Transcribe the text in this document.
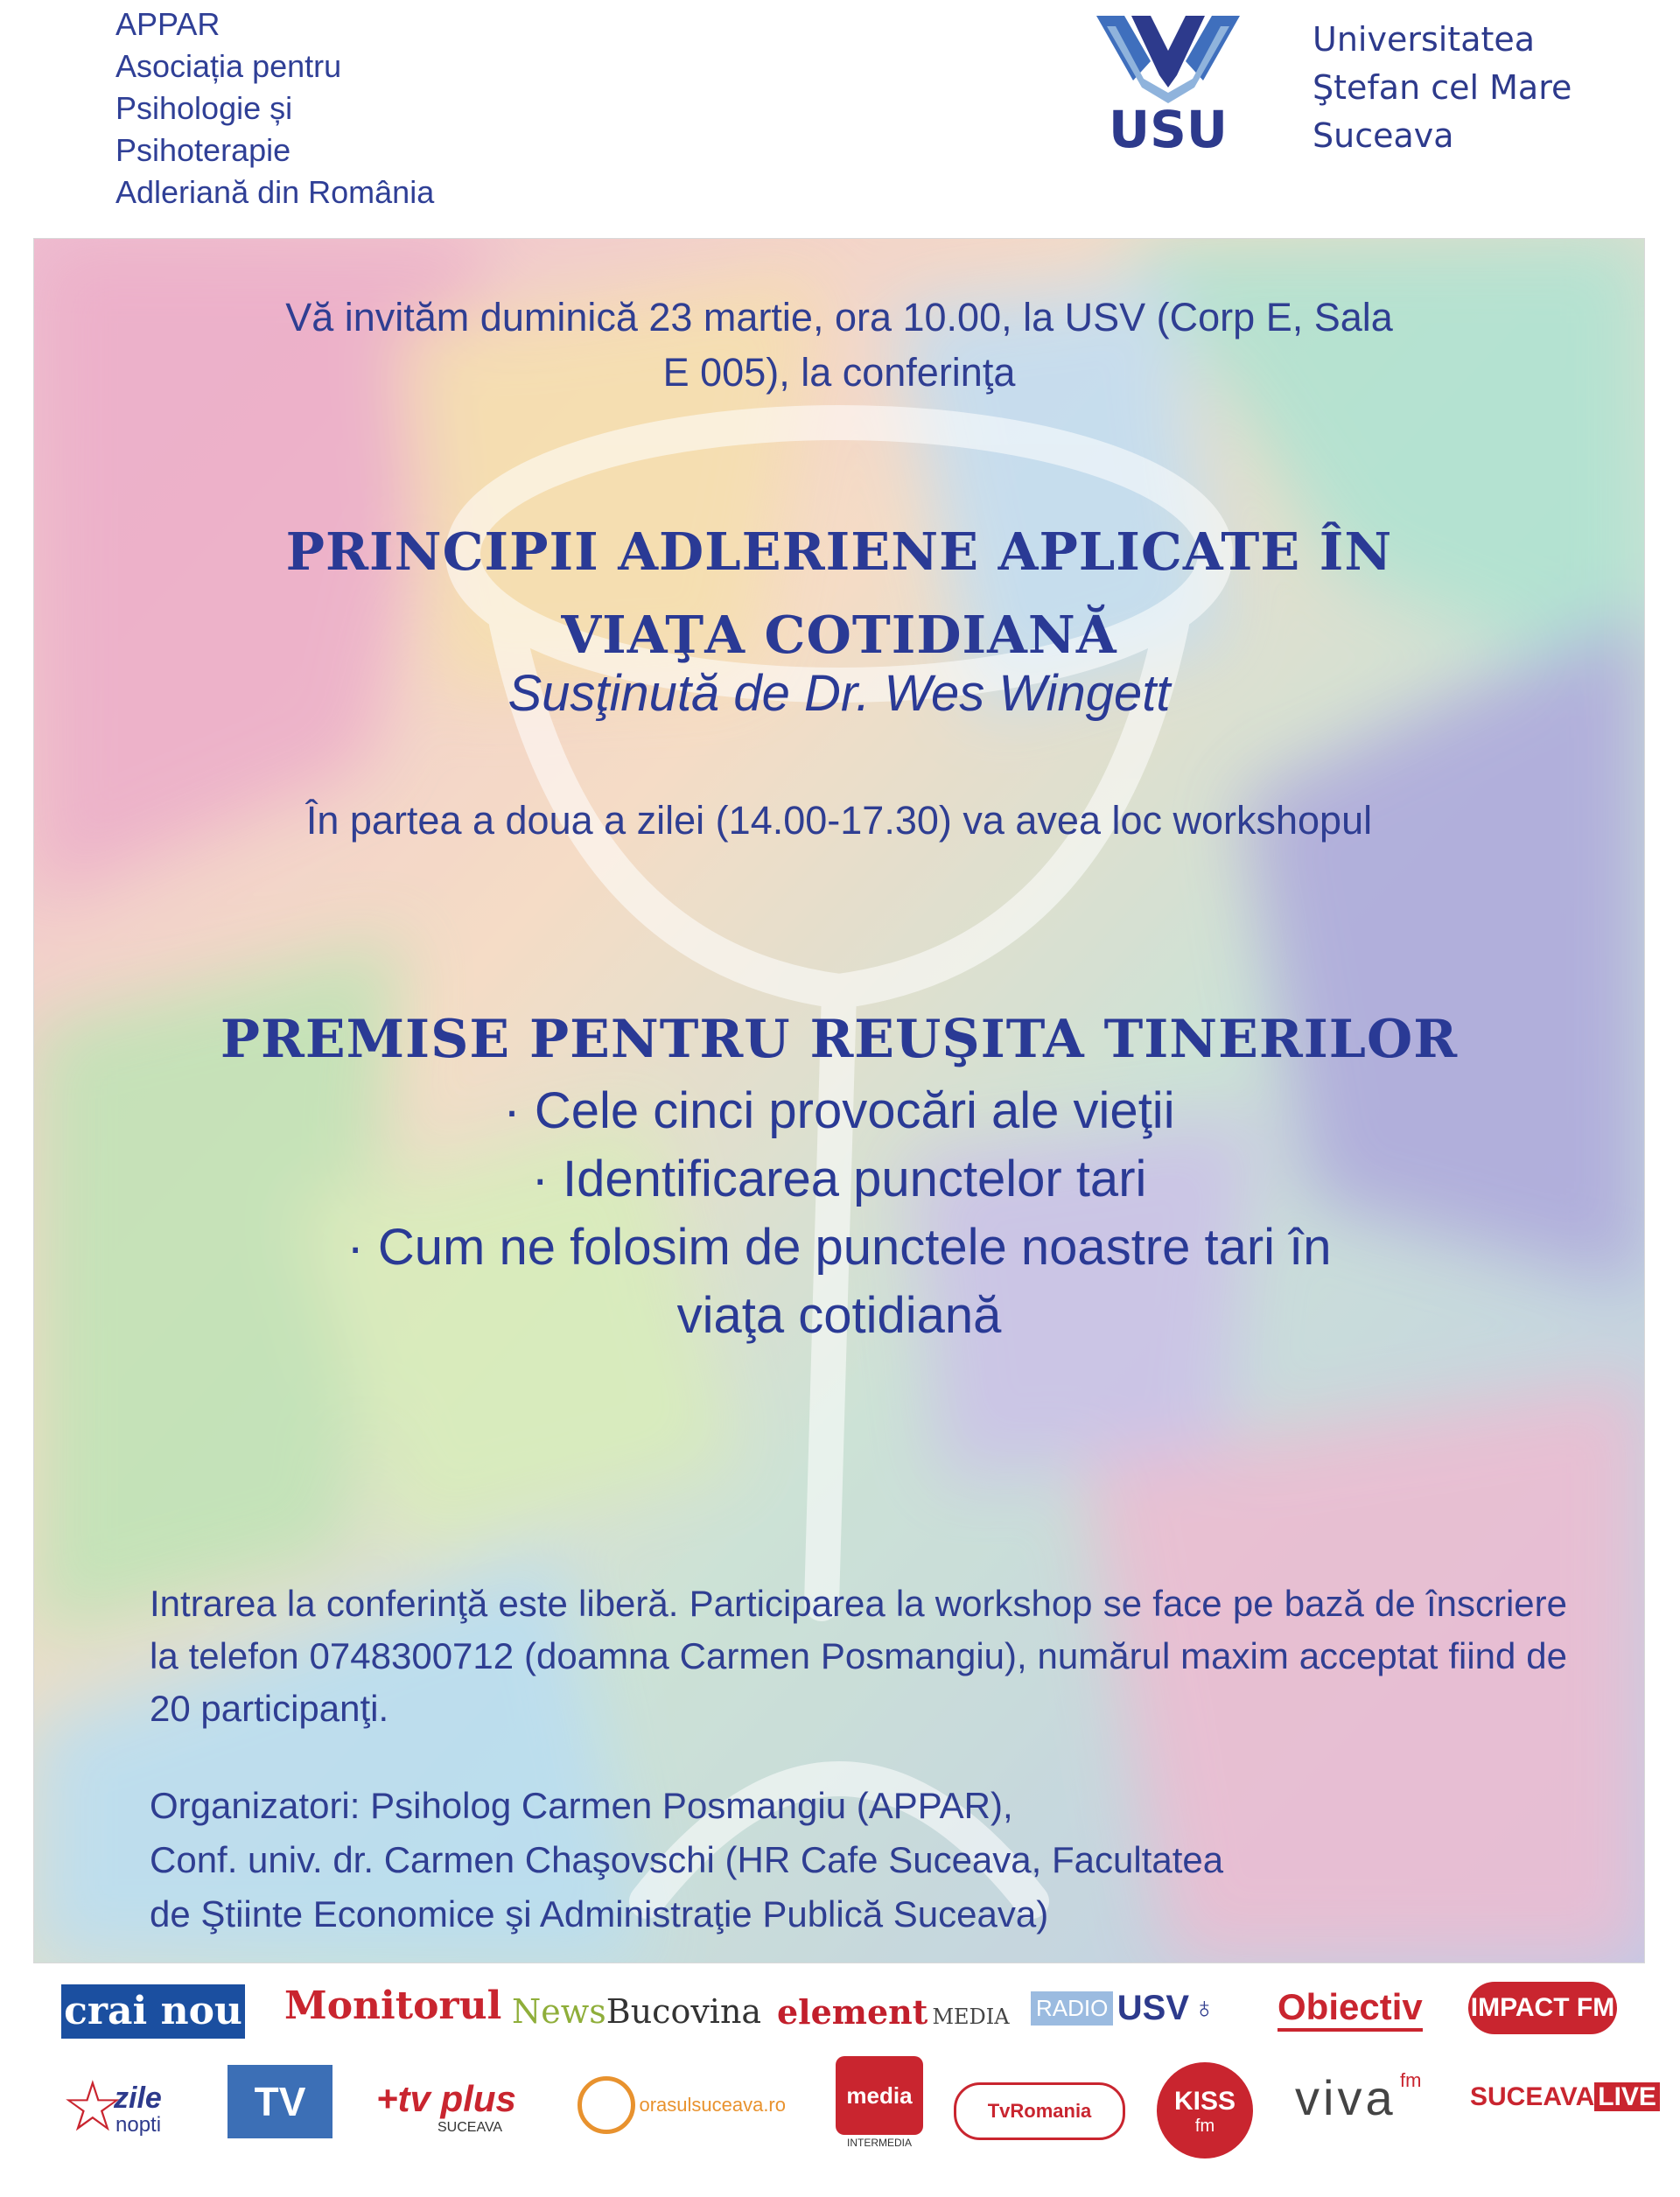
APPAR
Asociația pentru
Psihologie și
Psihoterapie
Adleriană din România
USU
Universitatea
Ştefan cel Mare
Suceava
Vă invităm duminică 23 martie, ora 10.00, la USV (Corp E, Sala
E 005), la conferinţa
PRINCIPII ADLERIENE APLICATE ÎN
VIAŢA COTIDIANĂ
Susţinută de Dr. Wes Wingett
În partea a doua a zilei (14.00-17.30) va avea loc workshopul
PREMISE PENTRU REUŞITA TINERILOR
· Cele cinci provocări ale vieţii
· Identificarea punctelor tari
· Cum ne folosim de punctele noastre tari în
viaţa cotidiană
Intrarea la conferinţă este liberă. Participarea la workshop se face pe bază de înscriere la telefon 0748300712 (doamna Carmen Posmangiu), numărul maxim acceptat fiind de 20 participanţi.
Organizatori: Psiholog Carmen Posmangiu (APPAR),
Conf. univ. dr. Carmen Chaşovschi (HR Cafe Suceava, Facultatea
de Ştiinte Economice şi Administraţie Publică Suceava)
crai nou Monitorul NewsBucovina element MEDIA RADIO USV ♁ Obiectiv IMPACT FM
☆
zile
nopti
TV	+tv plus
SUCEAVA
orasulsuceava.ro	media
INTERMEDIA
TvRomania	KISS
fm
viva fm
SUCEAVA LIVE
